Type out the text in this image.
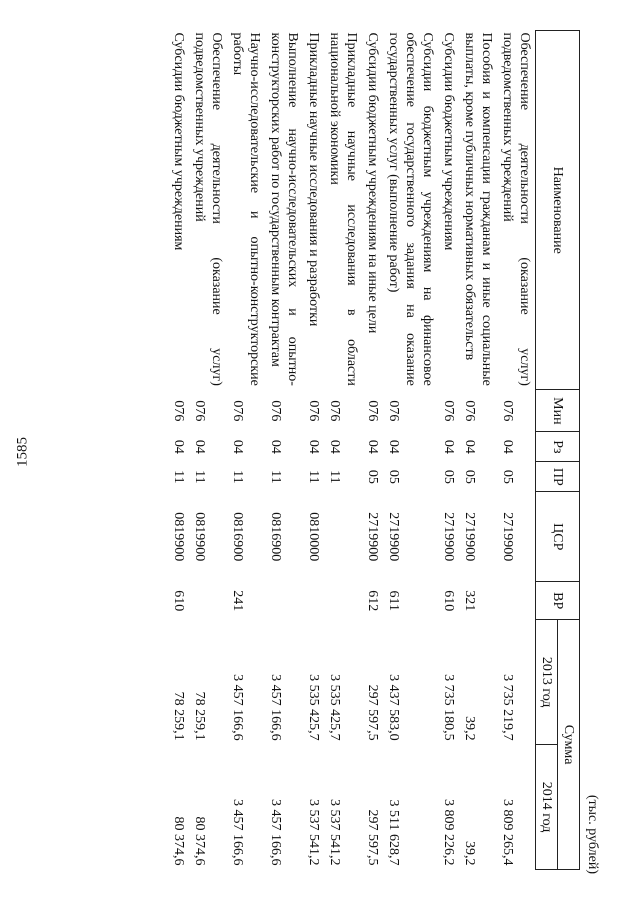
1585
(тыс. рублей)
Наименование	Мин	Рз	ПР	ЦСР	ВР	Сумма	
						2013 год	2014 год
Обеспечение деятельности (оказание услуг) подведомственных учреждений	076	04	05	2719900		3 735 219,7	3 809 265,4
Пособия и компенсации гражданам и иные социальные выплаты, кроме публичных нормативных обязательств	076	04	05	2719900	321	39,2	39,2
Субсидии бюджетным учреждениям	076	04	05	2719900	610	3 735 180,5	3 809 226,2
Субсидии бюджетным учреждениям на финансовое обеспечение государственного задания на оказание государственных услуг (выполнение работ)	076	04	05	2719900	611	3 437 583,0	3 511 628,7
Субсидии бюджетным учреждениям на иные цели	076	04	05	2719900	612	297 597,5	297 597,5
Прикладные научные исследования в области национальной экономики	076	04	11			3 535 425,7	3 537 541,2
Прикладные научные исследования и разработки	076	04	11	0810000		3 535 425,7	3 537 541,2
Выполнение научно-исследовательских и опытно-конструкторских работ по государственным контрактам	076	04	11	0816900		3 457 166,6	3 457 166,6
Научно-исследовательские и опытно-конструкторские работы	076	04	11	0816900	241	3 457 166,6	3 457 166,6
Обеспечение деятельности (оказание услуг) подведомственных учреждений	076	04	11	0819900		78 259,1	80 374,6
Субсидии бюджетным учреждениям	076	04	11	0819900	610	78 259,1	80 374,6
